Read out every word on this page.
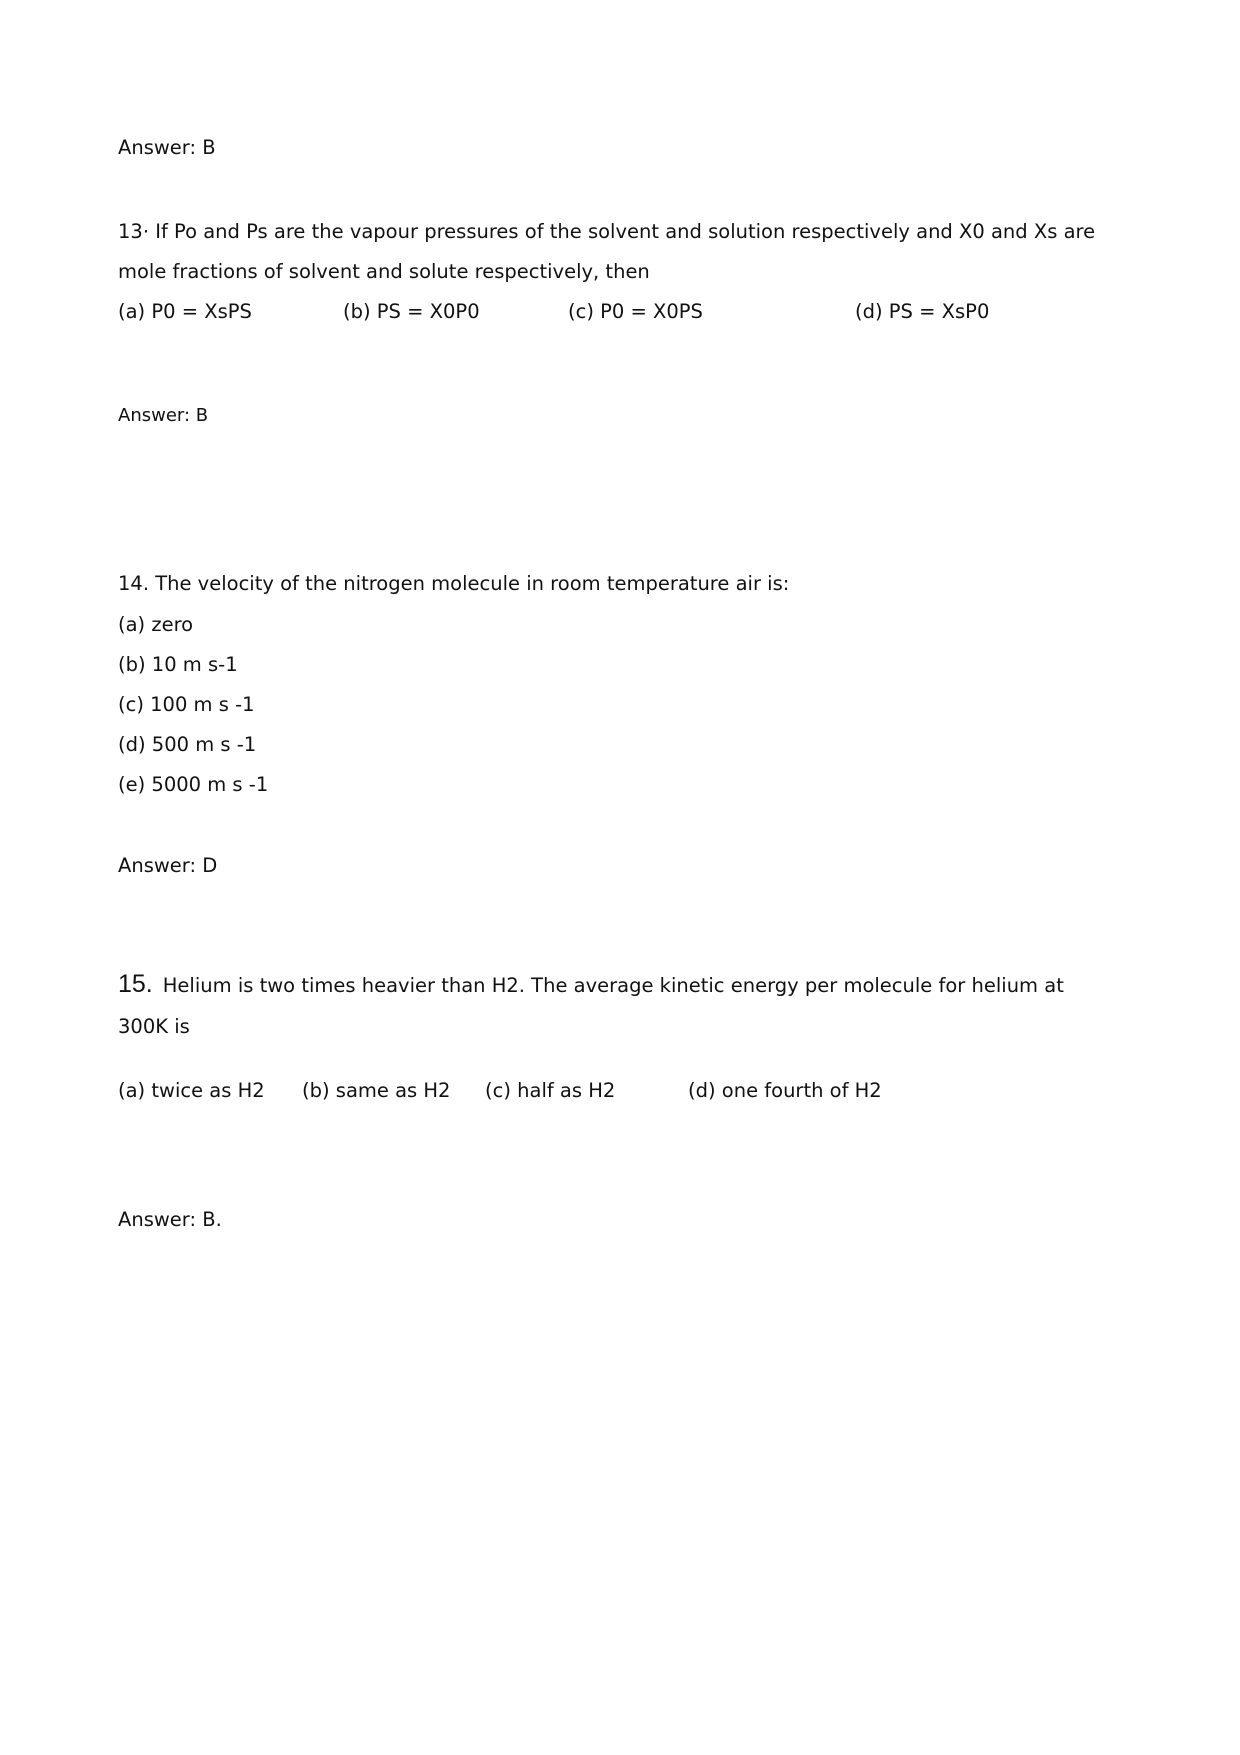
Answer: B
13· If Po and Ps are the vapour pressures of the solvent and solution respectively and X0 and Xs are
mole fractions of solvent and solute respectively, then
(a) P0 = XsPS	(b) PS = X0P0	(c) P0 = X0PS	(d) PS = XsP0
Answer: B
14. The velocity of the nitrogen molecule in room temperature air is:
(a) zero
(b) 10 m s-1
(c) 100 m s -1
(d) 500 m s -1
(e) 5000 m s -1
Answer: D
15. Helium is two times heavier than H2. The average kinetic energy per molecule for helium at
300K is
(a) twice as H2 (b) same as H2 (c) half as H2	(d) one fourth of H2
Answer: B.
